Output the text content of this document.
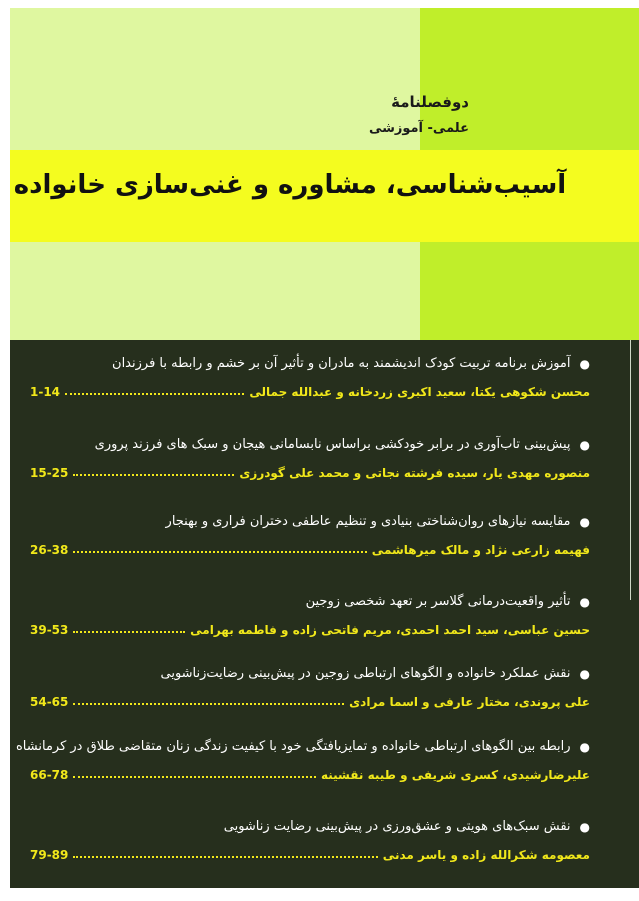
دوفصلنامۀ
علمی- آموزشی
آسیب‌شناسی، مشاوره و غنی‌سازی خانواده
●
آموزش برنامه تربیت کودک اندیشمند به مادران و تأثیر آن بر خشم و رابطه با فرزندان
محسن شکوهی یکتا، سعید اکبری زردخانه و عبدالله جمالی
1-14
●
پیش‌بینی تاب‌آوری در برابر خودکشی براساس نابسامانی هیجان و سبک های فرزند پروری
منصوره مهدی یار، سیده فرشته نجاتی و محمد علی گودرزی
15-25
●
مقایسه نیازهای روان‌شناختی بنیادی و تنظیم عاطفی دختران فراری و بهنجار
فهیمه زارعی نژاد و مالک میرهاشمی
26-38
●
تأثیر واقعیت‌درمانی گلاسر بر تعهد شخصی زوجین
حسین عباسی، سید احمد احمدی، مریم فاتحی زاده و فاطمه بهرامی
39-53
●
نقش عملکرد خانواده و الگوهای ارتباطی زوجین در پیش‌بینی رضایت‌زناشویی
علی پروندی، مختار عارفی و اسما مرادی
54-65
●
رابطه بین الگوهای ارتباطی خانواده و تمایزیافتگی خود با کیفیت زندگی زنان متقاضی طلاق در کرمانشاه
علیرضارشیدی، کسری شریفی و طیبه نقشینه
66-78
●
نقش سبک‌های هویتی و عشق‌ورزی در پیش‌بینی رضایت زناشویی
معصومه شکرالله زاده و یاسر مدنی
79-89
